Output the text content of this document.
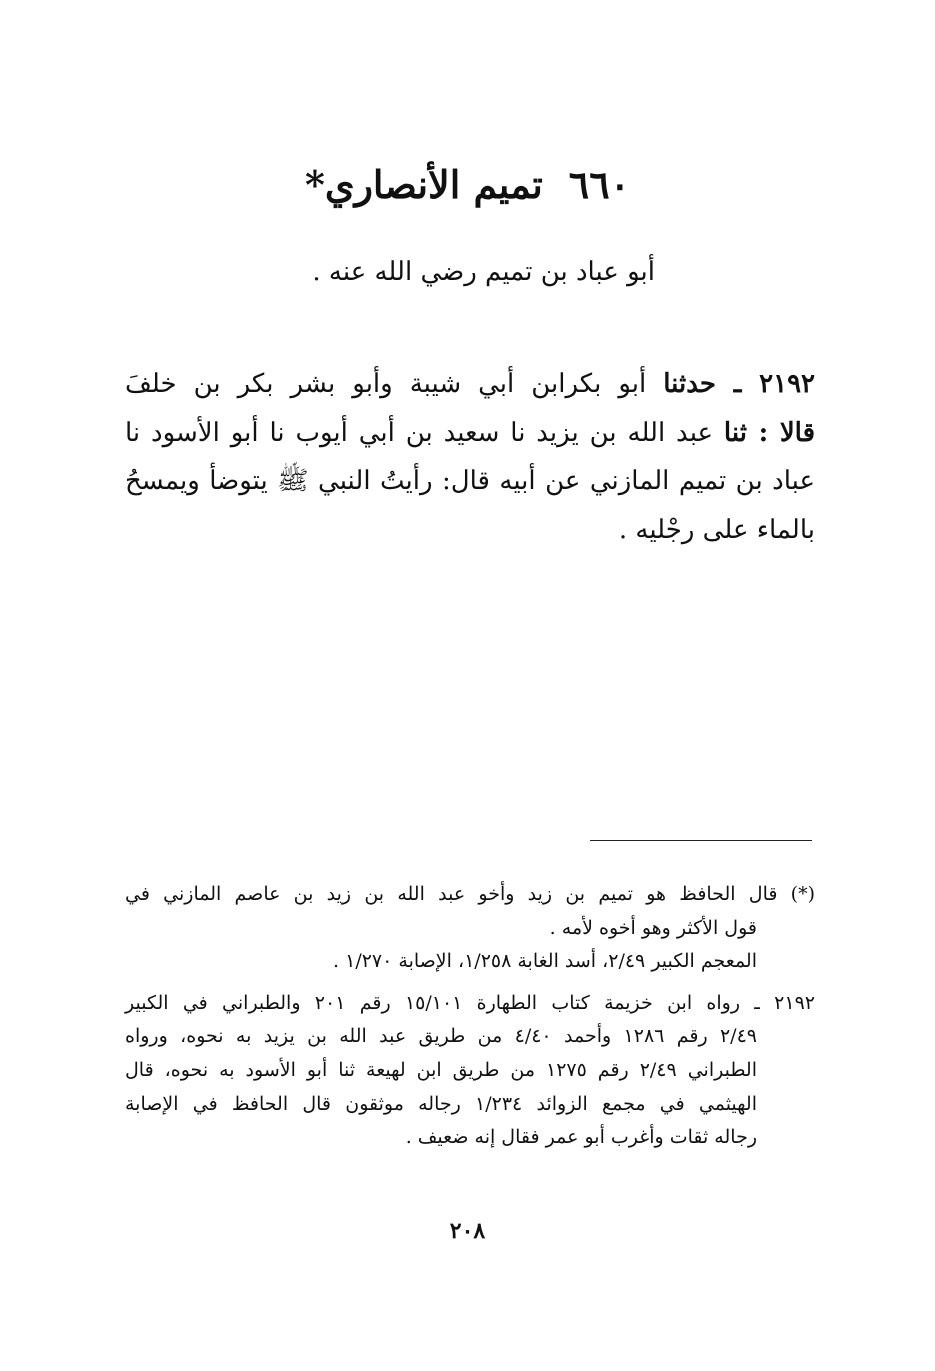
٦٦٠تميم الأنصاري*
أبو عباد بن تميم رضي الله عنه .
٢١٩٢ ـ حدثنا أبو بكرابن أبي شيبة وأبو بشر بكر بن خلفَ
قالا : ثنا عبد الله بن يزيد نا سعيد بن أبي أيوب نا أبو الأسود نا
عباد بن تميم المازني عن أبيه قال: رأيتُ النبي ﷺ يتوضأ ويمسحُ
بالماء على رجْليه .
(*) قال الحافظ هو تميم بن زيد وأخو عبد الله بن زيد بن عاصم المازني في
قول الأكثر وهو أخوه لأمه .
المعجم الكبير ٢/٤٩، أسد الغابة ١/٢٥٨، الإصابة ١/٢٧٠ .
٢١٩٢ ـ رواه ابن خزيمة كتاب الطهارة ١٥/١٠١ رقم ٢٠١ والطبراني في الكبير
٢/٤٩ رقم ١٢٨٦ وأحمد ٤/٤٠ من طريق عبد الله بن يزيد به نحوه، ورواه
الطبراني ٢/٤٩ رقم ١٢٧٥ من طريق ابن لهيعة ثنا أبو الأسود به نحوه، قال
الهيثمي في مجمع الزوائد ١/٢٣٤ رجاله موثقون قال الحافظ في الإصابة
رجاله ثقات وأغرب أبو عمر فقال إنه ضعيف .
٢٠٨
